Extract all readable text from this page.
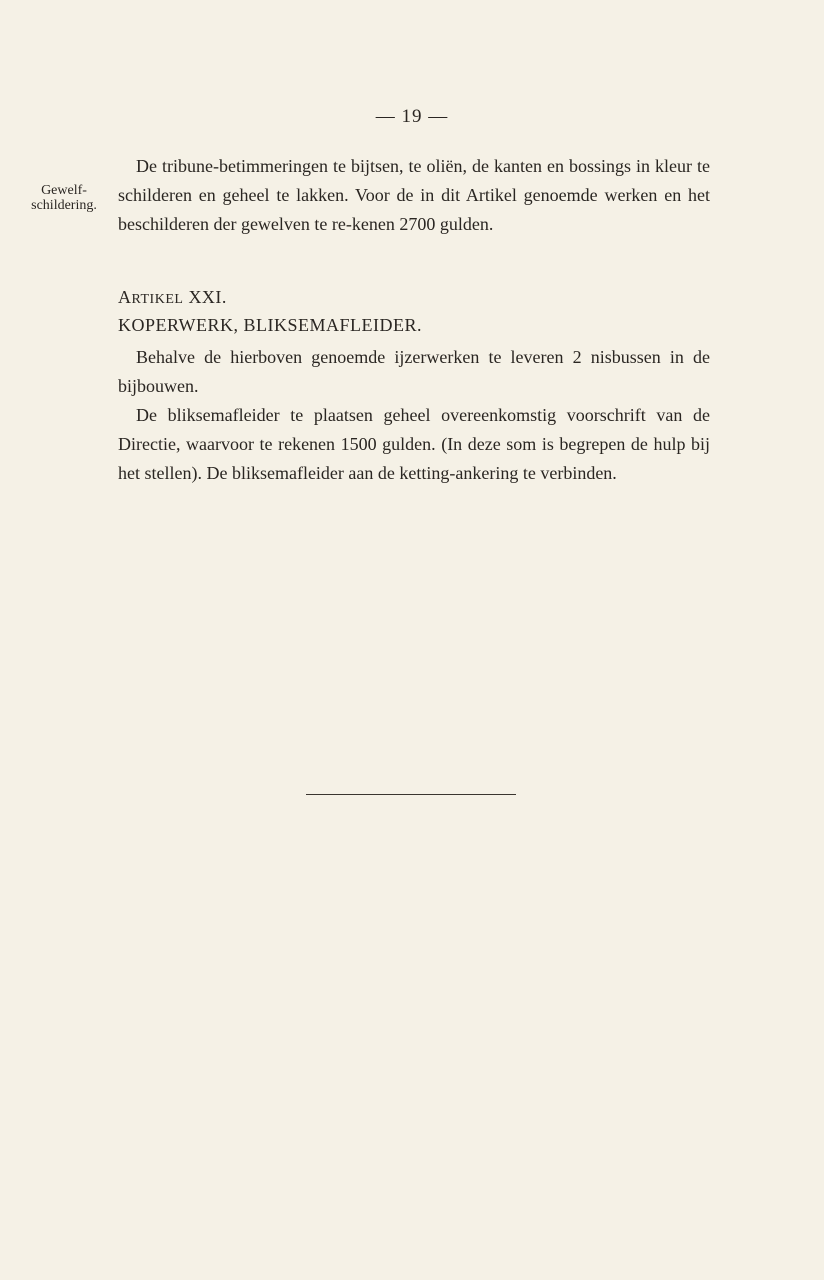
— 19 —
Gewelf-
schildering.

De tribune-betimmeringen te bijtsen, te oliën, de kanten en bossings in kleur te schilderen en geheel te lakken. Voor de in dit Artikel genoemde werken en het beschilderen der gewelven te re-kenen 2700 gulden.

ARTIKEL XXI.
KOPERWERK, BLIKSEMAFLEIDER.

Behalve de hierboven genoemde ijzerwerken te leveren 2 nisbussen in de bijbouwen.

De bliksemafleider te plaatsen geheel overeenkomstig voorschrift van de Directie, waarvoor te rekenen 1500 gulden. (In deze som is begrepen de hulp bij het stellen). De bliksemafleider aan de ketting-ankering te verbinden.
